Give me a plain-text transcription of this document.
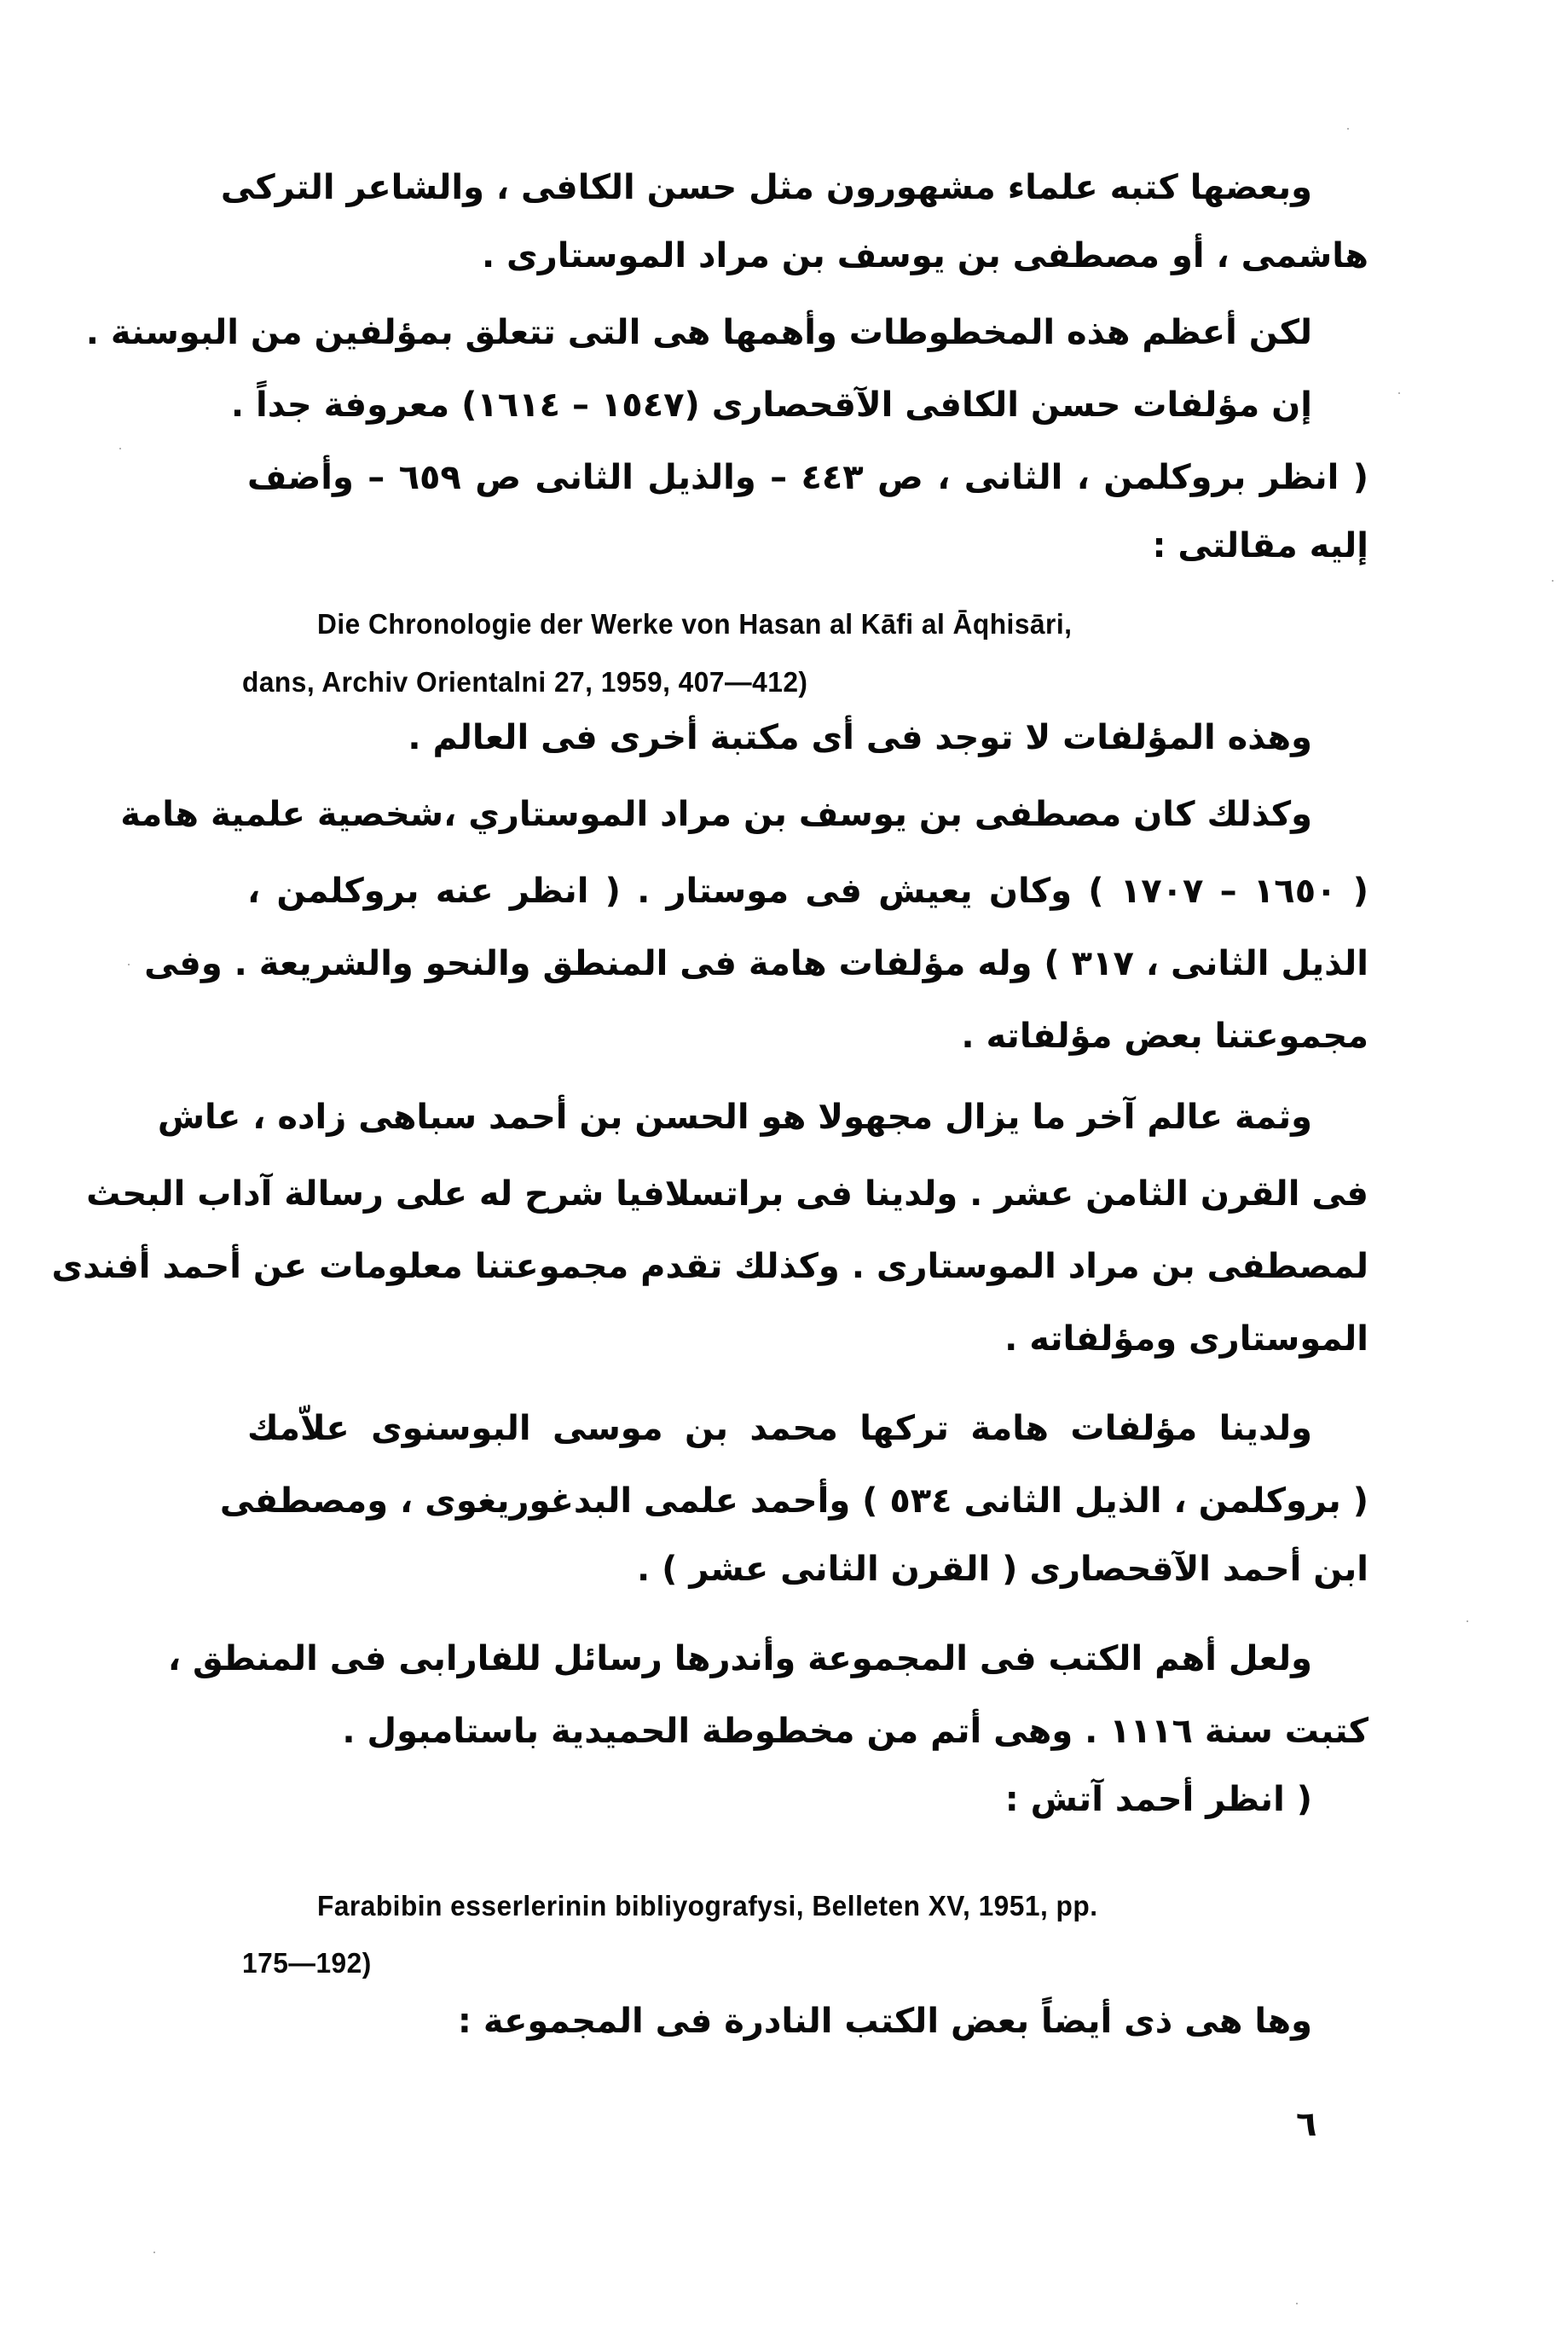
وبعضها كتبه علماء مشهورون مثل حسن الكافى ، والشاعر التركى
هاشمى ، أو مصطفى بن يوسف بن مراد الموستارى .
لكن أعظم هذه المخطوطات وأهمها هى التى تتعلق بمؤلفين من البوسنة .
إن مؤلفات حسن الكافى الآقحصارى (١٥٤٧ – ١٦١٤) معروفة جداً .
( انظر بروكلمن ، الثانى ، ص ٤٤٣ – والذيل الثانى ص ٦٥٩ – وأضف
إليه مقالتى :
Die Chronologie der Werke von Hasan al Kāfi al Āqhisāri,
dans, Archiv Orientalni 27, 1959, 407—412)
وهذه المؤلفات لا توجد فى أى مكتبة أخرى فى العالم .
وكذلك كان مصطفى بن يوسف بن مراد الموستاري ،شخصية علمية هامة
( ١٦٥٠ – ١٧٠٧ ) وكان يعيش فى موستار . ( انظر عنه بروكلمن ،
الذيل الثانى ، ٣١٧ ) وله مؤلفات هامة فى المنطق والنحو والشريعة . وفى
مجموعتنا بعض مؤلفاته .
وثمة عالم آخر ما يزال مجهولا هو الحسن بن أحمد سباهى زاده ، عاش
فى القرن الثامن عشر . ولدينا فى براتسلافيا شرح له على رسالة آداب البحث
لمصطفى بن مراد الموستارى . وكذلك تقدم مجموعتنا معلومات عن أحمد أفندى
الموستارى ومؤلفاته .
ولدينا مؤلفات هامة تركها محمد بن موسى البوسنوى علاّمك
( بروكلمن ، الذيل الثانى ٥٣٤ ) وأحمد علمى البدغوريغوى ، ومصطفى
ابن أحمد الآقحصارى ( القرن الثانى عشر ) .
ولعل أهم الكتب فى المجموعة وأندرها رسائل للفارابى فى المنطق ،
كتبت سنة ١١١٦ . وهى أتم من مخطوطة الحميدية باستامبول .
( انظر أحمد آتش :
Farabibin esserlerinin bibliyografysi, Belleten XV, 1951, pp.
175—192)
وها هى ذى أيضاً بعض الكتب النادرة فى المجموعة :
٦
